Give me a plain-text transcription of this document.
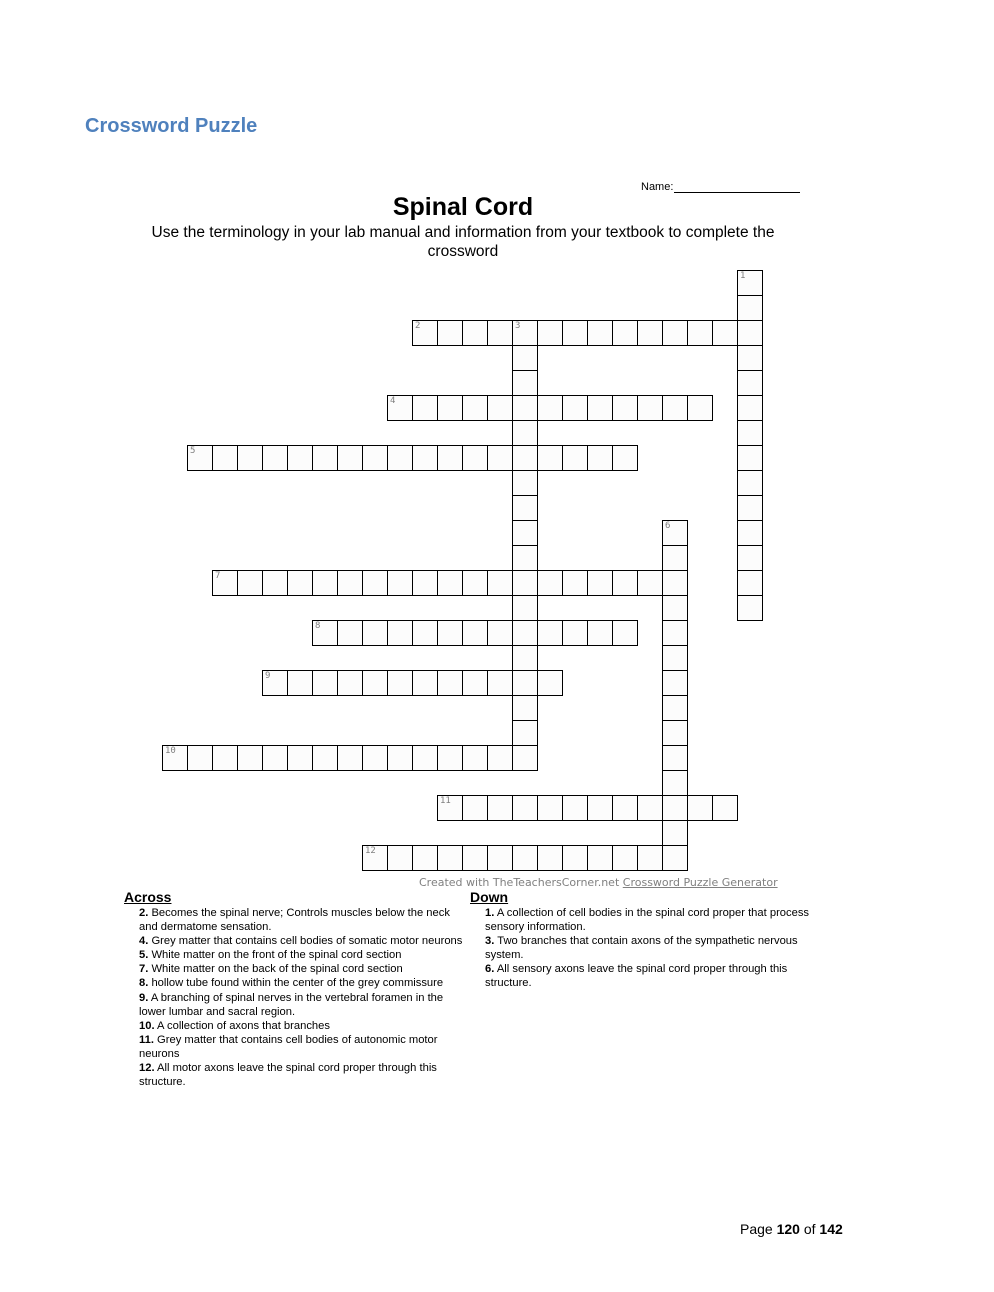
Crossword Puzzle
Name:
Spinal Cord
Use the terminology in your lab manual and information from your textbook to complete the crossword
1
2	3
4
5
6
7
8
9
10
11
12
Created with TheTeachersCorner.net Crossword Puzzle Generator
Across
2. Becomes the spinal nerve; Controls muscles below the neck and dermatome sensation.
4. Grey matter that contains cell bodies of somatic motor neurons
5. White matter on the front of the spinal cord section
7. White matter on the back of the spinal cord section
8. hollow tube found within the center of the grey commissure
9. A branching of spinal nerves in the vertebral foramen in the lower lumbar and sacral region.
10. A collection of axons that branches
11. Grey matter that contains cell bodies of autonomic motor neurons
12. All motor axons leave the spinal cord proper through this structure.
Down
1. A collection of cell bodies in the spinal cord proper that process sensory information.
3. Two branches that contain axons of the sympathetic nervous system.
6. All sensory axons leave the spinal cord proper through this structure.
Page 120 of 142
